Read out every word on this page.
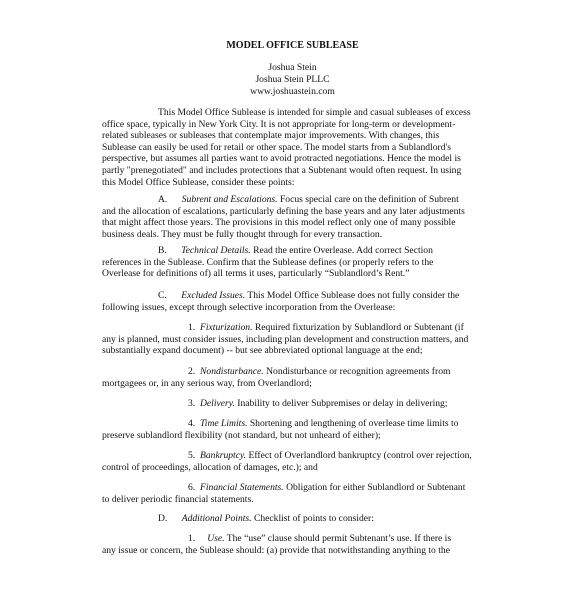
MODEL OFFICE SUBLEASE
Joshua Stein
Joshua Stein PLLC
www.joshuastein.com
This Model Office Sublease is intended for simple and casual subleases of excess
office space, typically in New York City. It is not appropriate for long-term or development-
related subleases or subleases that contemplate major improvements. With changes, this
Sublease can easily be used for retail or other space. The model starts from a Sublandlord's
perspective, but assumes all parties want to avoid protracted negotiations. Hence the model is
partly "prenegotiated" and includes protections that a Subtenant would often request. In using
this Model Office Sublease, consider these points:
A. Subrent and Escalations. Focus special care on the definition of Subrent
and the allocation of escalations, particularly defining the base years and any later adjustments
that might affect those years. The provisions in this model reflect only one of many possible
business deals. They must be fully thought through for every transaction.
B. Technical Details. Read the entire Overlease. Add correct Section
references in the Sublease. Confirm that the Sublease defines (or properly refers to the
Overlease for definitions of) all terms it uses, particularly “Sublandlord’s Rent.”
C. Excluded Issues. This Model Office Sublease does not fully consider the
following issues, except through selective incorporation from the Overlease:
1. Fixturization. Required fixturization by Sublandlord or Subtenant (if
any is planned, must consider issues, including plan development and construction matters, and
substantially expand document) -- but see abbreviated optional language at the end;
2. Nondisturbance. Nondisturbance or recognition agreements from
mortgagees or, in any serious way, from Overlandlord;
3. Delivery. Inability to deliver Subpremises or delay in delivering;
4. Time Limits. Shortening and lengthening of overlease time limits to
preserve sublandlord flexibility (not standard, but not unheard of either);
5. Bankruptcy. Effect of Overlandlord bankruptcy (control over rejection,
control of proceedings, allocation of damages, etc.); and
6. Financial Statements. Obligation for either Sublandlord or Subtenant
to deliver periodic financial statements.
D. Additional Points. Checklist of points to consider:
1. Use. The “use” clause should permit Subtenant’s use. If there is
any issue or concern, the Sublease should: (a) provide that notwithstanding anything to the
